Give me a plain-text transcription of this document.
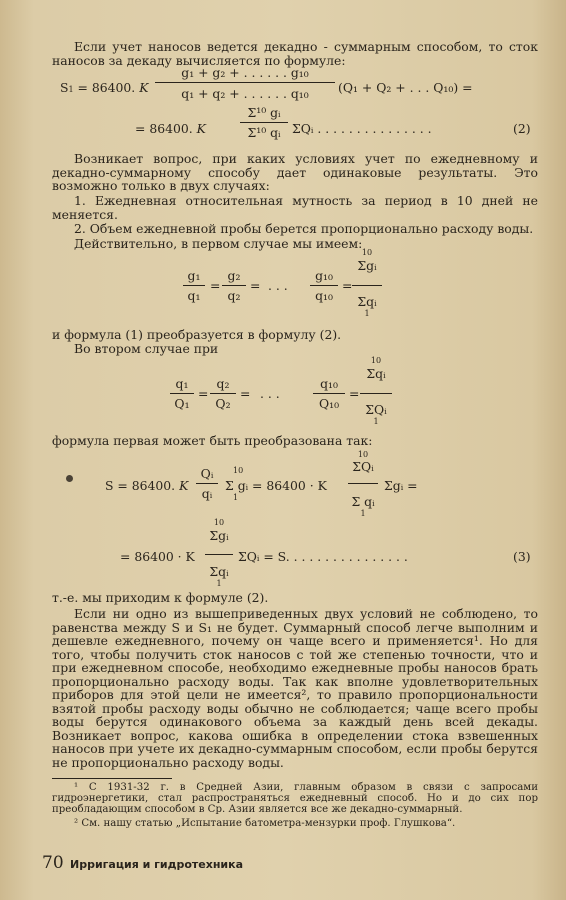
Если учет наносов ведется декадно - суммарным способом, то сток наносов за декаду вычисляется по формуле:
S1 = 86400. K
g₁ + g₂ + . . . . . . g₁₀
q₁ + q₂ + . . . . . . q₁₀	(Q₁ + Q₂ + . . . Q₁₀) =
= 86400. K
Σ¹⁰ gᵢ
Σ¹⁰ qᵢ ΣQᵢ . . . . . . . . . . . . . . .	(2)
Возникает вопрос, при каких условиях учет по ежедневному и декадно-суммарному способу дает одинаковые результаты. Это возможно только в двух случаях:
1. Ежедневная относительная мутность за период в 10 дней не меняется.
2. Объем ежедневной пробы берется пропорционально расходу воды.
Действительно, в первом случае мы имеем:
g₁
q₁
=
g₂
q₂
= . . .
g₁₀
q₁₀
=
10
Σgᵢ
Σqᵢ
1
и формула (1) преобразуется в формулу (2).
Во втором случае при
q₁
Q₁
=
q₂
Q₂
= . . .
q₁₀
Q₁₀
=
10
Σqᵢ
ΣQᵢ
1
формула первая может быть преобразована так:
S = 86400. K
Qᵢ
qᵢ
10
Σ gᵢ = 86400 · K
1
10
ΣQᵢ
Σ qᵢ
1
Σgᵢ =
= 86400 · K
10
Σgᵢ
Σqᵢ
1
ΣQᵢ = S. . . . . . . . . . . . . . . .	(3)
т.-е. мы приходим к формуле (2).
Если ни одно из вышеприведенных двух условий не соблюдено, то равенства между S и S₁ не будет. Суммарный способ легче выполним и дешевле ежедневного, почему он чаще всего и применяется¹. Но для того, чтобы получить сток наносов с той же степенью точности, что и при ежедневном способе, необходимо ежедневные пробы наносов брать пропорционально расходу воды. Так как вполне удовлетворительных приборов для этой цели не имеется², то правило пропорциональности взятой пробы расходу воды обычно не соблюдается; чаще всего пробы воды берутся одинакового объема за каждый день всей декады. Возникает вопрос, какова ошибка в определении стока взвешенных наносов при учете их декадно-суммарным способом, если пробы берутся не пропорционально расходу воды.
¹ С 1931-32 г. в Средней Азии, главным образом в связи с запросами гидроэнергетики, стал распространяться ежедневный способ. Но и до сих пор преобладающим способом в Ср. Азии является все же декадно-суммарный.
² См. нашу статью „Испытание батометра-мензурки проф. Глушкова“.
70 Ирригация и гидротехника
